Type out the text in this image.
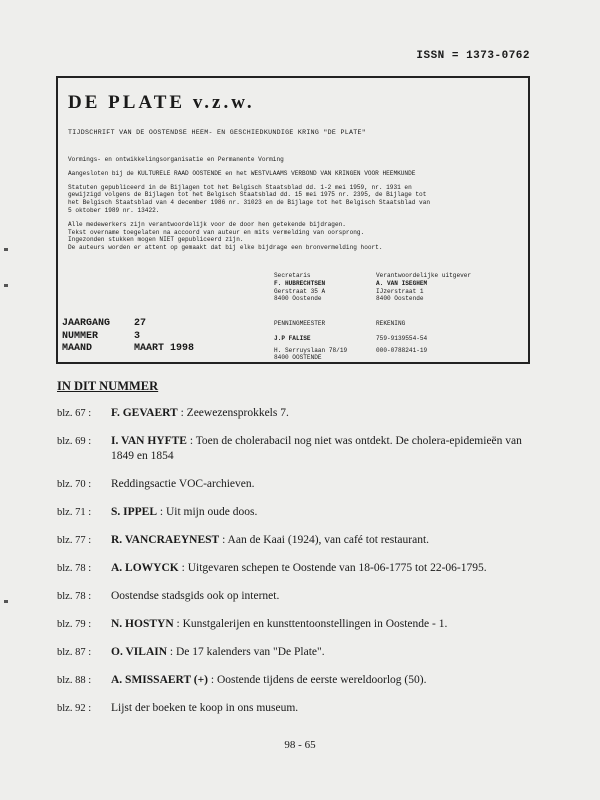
ISSN = 1373-0762
DE PLATE v.z.w.
TIJDSCHRIFT VAN DE OOSTENDSE HEEM- EN GESCHIEDKUNDIGE KRING "DE PLATE"

Vormings- en ontwikkelingsorganisatie en Permanente Vorming

Aangesloten bij de KULTURELE RAAD OOSTENDE en het WESTVLAAMS VERBOND VAN KRINGEN VOOR HEEMKUNDE

Statuten gepubliceerd in de Bijlagen tot het Belgisch Staatsblad dd. 1-2 mei 1959, nr. 1931 en
gewijzigd volgens de Bijlagen tot het Belgisch Staatsblad dd. 15 mei 1975 nr. 2395, de Bijlage tot
het Belgisch Staatsblad van 4 december 1986 nr. 31023 en de Bijlage tot het Belgisch Staatsblad van
5 oktober 1989 nr. 13422.

Alle medewerkers zijn verantwoordelijk voor de door hen getekende bijdragen.
Tekst overname toegelaten na accoord van auteur en mits vermelding van oorsprong.
Ingezonden stukken mogen NIET gepubliceerd zijn.
De auteurs worden er attent op gemaakt dat bij elke bijdrage een bronvermelding hoort.

Secretaris
F. HUBRECHTSEN
Gerstraat 35 A
8400 Oostende
Verantwoordelijke uitgever
A. VAN ISEGHEM
IJzerstraat 1
8400 Oostende
JAARGANG	27
NUMMER	3
MAAND	MAART 1998
PENNINGMEESTER
J.P FALISE
H. Serruyslaan 78/19
8400 OOSTENDE
REKENING
759-9139554-54
000-0788241-19
IN DIT NUMMER
blz. 67 :	F. GEVAERT : Zeewezensprokkels 7.
blz. 69 :	I. VAN HYFTE : Toen de cholerabacil nog niet was ontdekt. De cholera-epidemieën van 1849 en 1854
blz. 70 :	Reddingsactie VOC-archieven.
blz. 71 :	S. IPPEL : Uit mijn oude doos.
blz. 77 :	R. VANCRAEYNEST : Aan de Kaai (1924), van café tot restaurant.
blz. 78 :	A. LOWYCK : Uitgevaren schepen te Oostende van 18-06-1775 tot 22-06-1795.
blz. 78 :	Oostendse stadsgids ook op internet.
blz. 79 :	N. HOSTYN : Kunstgalerijen en kunsttentoonstellingen in Oostende - 1.
blz. 87 :	O. VILAIN : De 17 kalenders van "De Plate".
blz. 88 :	A. SMISSAERT (+) : Oostende tijdens de eerste wereldoorlog (50).
blz. 92 :	Lijst der boeken te koop in ons museum.
98 - 65
